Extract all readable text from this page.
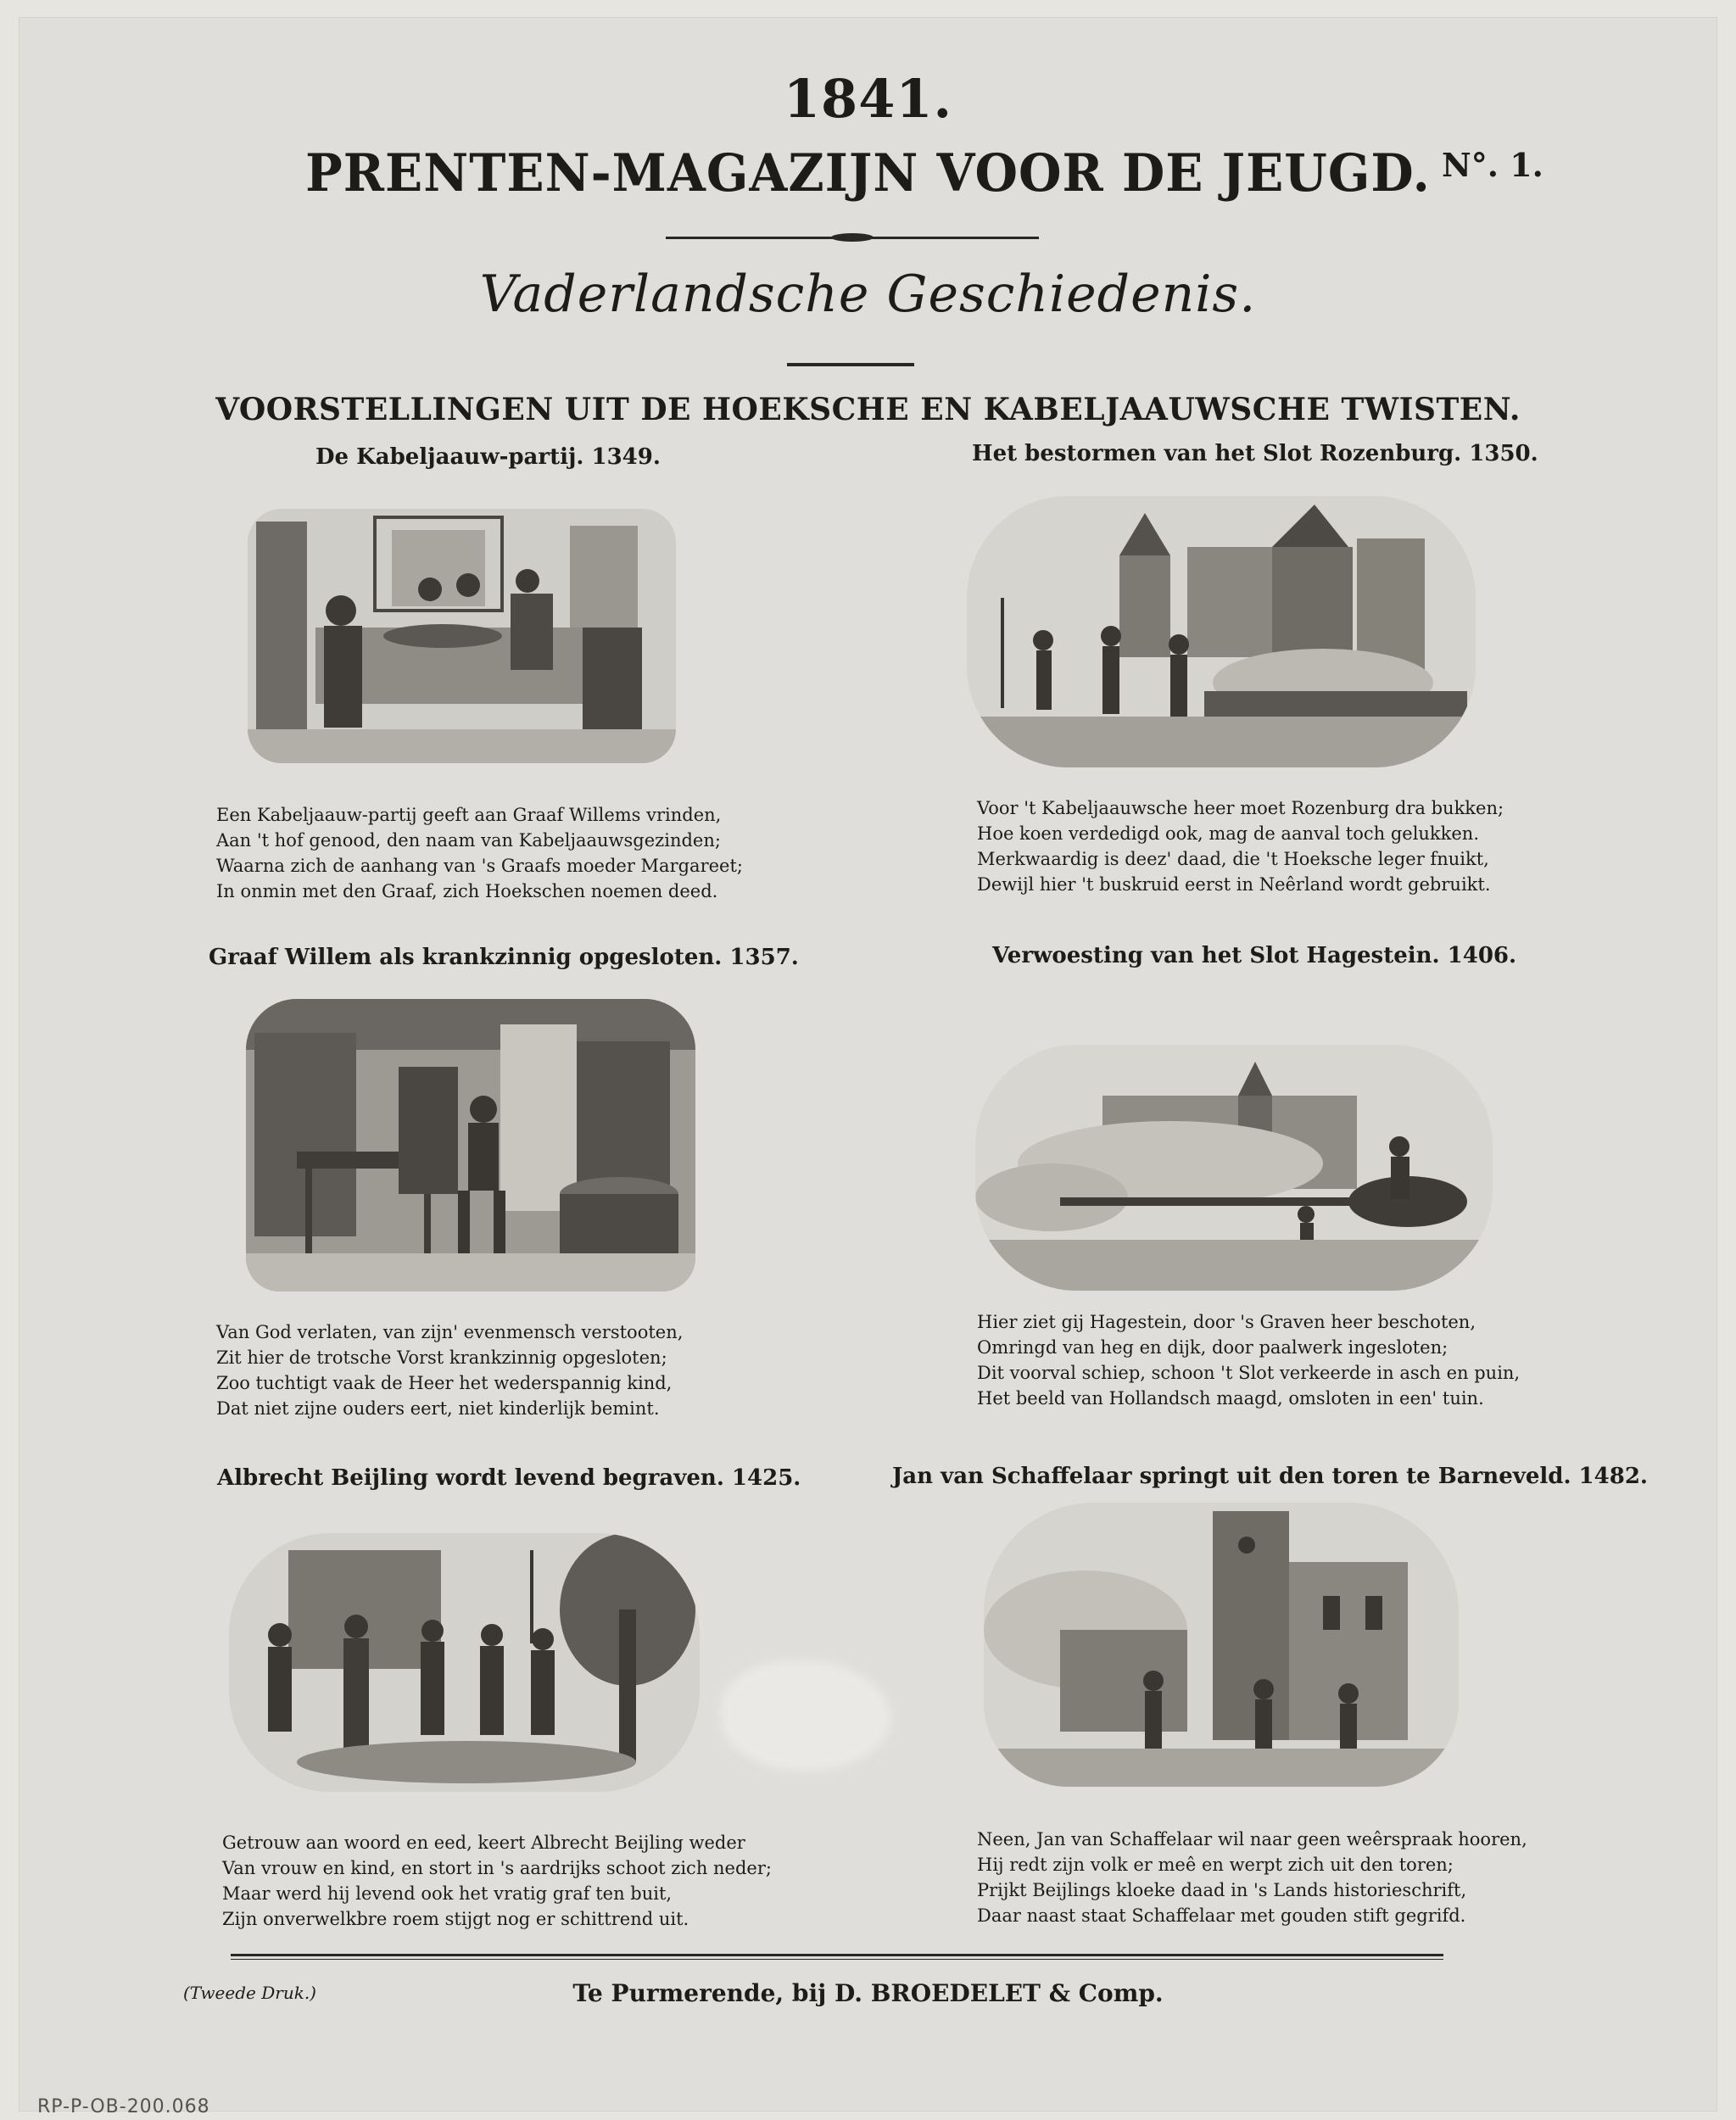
1841.
PRENTEN-MAGAZIJN VOOR DE JEUGD. N°. 1.
Vaderlandsche Geschiedenis.
VOORSTELLINGEN UIT DE HOEKSCHE EN KABELJAAUWSCHE TWISTEN.
De Kabeljaauw-partij. 1349.
Een Kabeljaauw-partij geeft aan Graaf Willems vrinden,
Aan 't hof genood, den naam van Kabeljaauwsgezinden;
Waarna zich de aanhang van 's Graafs moeder Margareet;
In onmin met den Graaf, zich Hoekschen noemen deed.
Het bestormen van het Slot Rozenburg. 1350.
Voor 't Kabeljaauwsche heer moet Rozenburg dra bukken;
Hoe koen verdedigd ook, mag de aanval toch gelukken.
Merkwaardig is deez' daad, die 't Hoeksche leger fnuikt,
Dewijl hier 't buskruid eerst in Neêrland wordt gebruikt.
Graaf Willem als krankzinnig opgesloten. 1357.
Van God verlaten, van zijn' evenmensch verstooten,
Zit hier de trotsche Vorst krankzinnig opgesloten;
Zoo tuchtigt vaak de Heer het wederspannig kind,
Dat niet zijne ouders eert, niet kinderlijk bemint.
Verwoesting van het Slot Hagestein. 1406.
Hier ziet gij Hagestein, door 's Graven heer beschoten,
Omringd van heg en dijk, door paalwerk ingesloten;
Dit voorval schiep, schoon 't Slot verkeerde in asch en puin,
Het beeld van Hollandsch maagd, omsloten in een' tuin.
Albrecht Beijling wordt levend begraven. 1425.
Getrouw aan woord en eed, keert Albrecht Beijling weder
Van vrouw en kind, en stort in 's aardrijks schoot zich neder;
Maar werd hij levend ook het vratig graf ten buit,
Zijn onverwelkbre roem stijgt nog er schittrend uit.
Jan van Schaffelaar springt uit den toren te Barneveld. 1482.
Neen, Jan van Schaffelaar wil naar geen weêrspraak hooren,
Hij redt zijn volk er meê en werpt zich uit den toren;
Prijkt Beijlings kloeke daad in 's Lands historieschrift,
Daar naast staat Schaffelaar met gouden stift gegrifd.
(Tweede Druk.)	Te Purmerende, bij D. BROEDELET & Comp.
RP-P-OB-200.068
